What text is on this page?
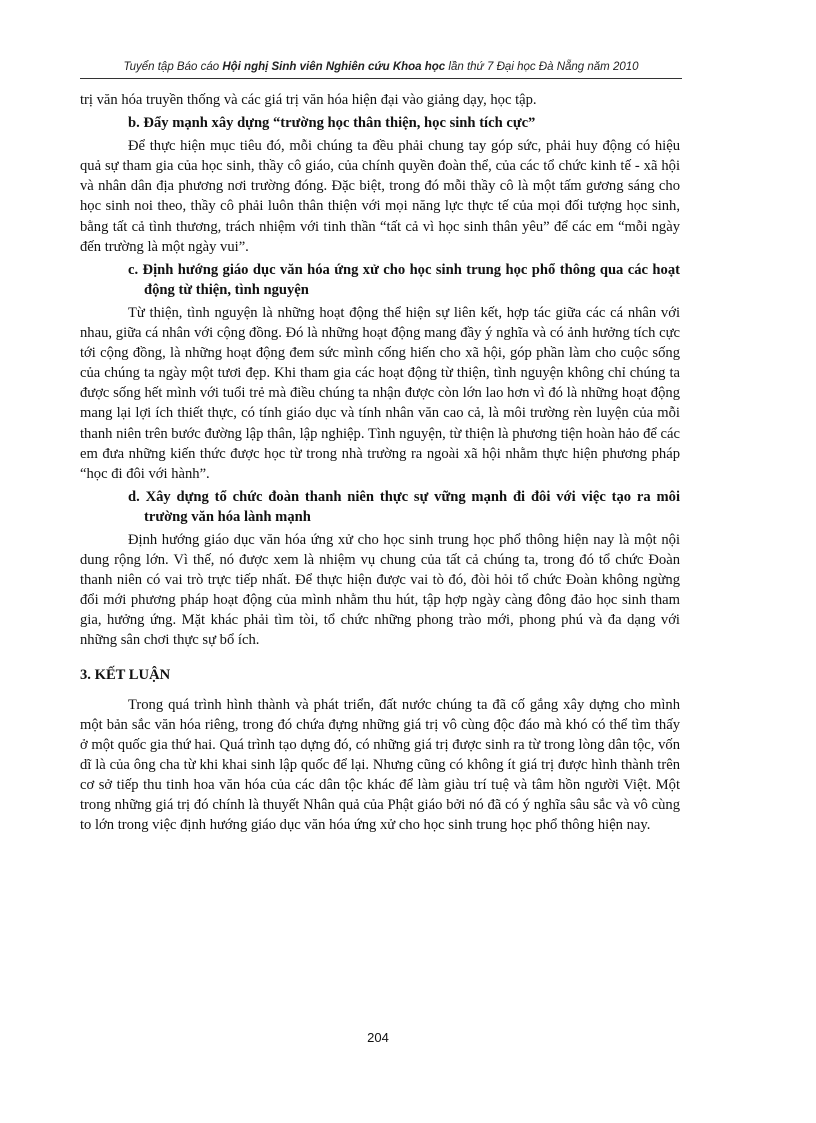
Tuyển tập Báo cáo Hội nghị Sinh viên Nghiên cứu Khoa học lần thứ 7 Đại học Đà Nẵng năm 2010

trị văn hóa truyền thống và các giá trị văn hóa hiện đại vào giảng dạy, học tập.

b. Đẩy mạnh xây dựng “trường học thân thiện, học sinh tích cực”

Để thực hiện mục tiêu đó, mỗi chúng ta đều phải chung tay góp sức, phải huy động có hiệu quả sự tham gia của học sinh, thầy cô giáo, của chính quyền đoàn thể, của các tổ chức kinh tế - xã hội và nhân dân địa phương nơi trường đóng. Đặc biệt, trong đó mỗi thầy cô là một tấm gương sáng cho học sinh noi theo, thầy cô phải luôn thân thiện với mọi năng lực thực tế của mọi đối tượng học sinh, bằng tất cả tình thương, trách nhiệm với tinh thần “tất cả vì học sinh thân yêu” để các em “mỗi ngày đến trường là một ngày vui”.

c. Định hướng giáo dục văn hóa ứng xử cho học sinh trung học phổ thông qua các hoạt động từ thiện, tình nguyện

Từ thiện, tình nguyện là những hoạt động thể hiện sự liên kết, hợp tác giữa các cá nhân với nhau, giữa cá nhân với cộng đồng. Đó là những hoạt động mang đầy ý nghĩa và có ảnh hưởng tích cực tới cộng đồng, là những hoạt động đem sức mình cống hiến cho xã hội, góp phần làm cho cuộc sống của chúng ta ngày một tươi đẹp. Khi tham gia các hoạt động từ thiện, tình nguyện không chỉ chúng ta được sống hết mình với tuổi trẻ mà điều chúng ta nhận được còn lớn lao hơn vì đó là những hoạt động mang lại lợi ích thiết thực, có tính giáo dục và tính nhân văn cao cả, là môi trường rèn luyện của mỗi thanh niên trên bước đường lập thân, lập nghiệp. Tình nguyện, từ thiện là phương tiện hoàn hảo để các em đưa những kiến thức được học từ trong nhà trường ra ngoài xã hội nhằm thực hiện phương pháp “học đi đôi với hành”.

d. Xây dựng tổ chức đoàn thanh niên thực sự vững mạnh đi đôi với việc tạo ra môi trường văn hóa lành mạnh

Định hướng giáo dục văn hóa ứng xử cho học sinh trung học phổ thông hiện nay là một nội dung rộng lớn. Vì thế, nó được xem là nhiệm vụ chung của tất cả chúng ta, trong đó tổ chức Đoàn thanh niên có vai trò trực tiếp nhất. Để thực hiện được vai tò đó, đòi hỏi tổ chức Đoàn không ngừng đổi mới phương pháp hoạt động của mình nhằm thu hút, tập hợp ngày càng đông đảo học sinh tham gia, hưởng ứng. Mặt khác phải tìm tòi, tổ chức những phong trào mới, phong phú và đa dạng với những sân chơi thực sự bổ ích.

3. KẾT LUẬN

Trong quá trình hình thành và phát triển, đất nước chúng ta đã cố gắng xây dựng cho mình một bản sắc văn hóa riêng, trong đó chứa đựng những giá trị vô cùng độc đáo mà khó có thể tìm thấy ở một quốc gia thứ hai. Quá trình tạo dựng đó, có những giá trị được sinh ra từ trong lòng dân tộc, vốn dĩ là của ông cha từ khi khai sinh lập quốc để lại. Nhưng cũng có không ít giá trị được hình thành trên cơ sở tiếp thu tinh hoa văn hóa của các dân tộc khác để làm giàu trí tuệ và tâm hồn người Việt. Một trong những giá trị đó chính là thuyết Nhân quả của Phật giáo bởi nó đã có ý nghĩa sâu sắc và vô cùng to lớn trong việc định hướng giáo dục văn hóa ứng xử cho học sinh trung học phổ thông hiện nay.

204
